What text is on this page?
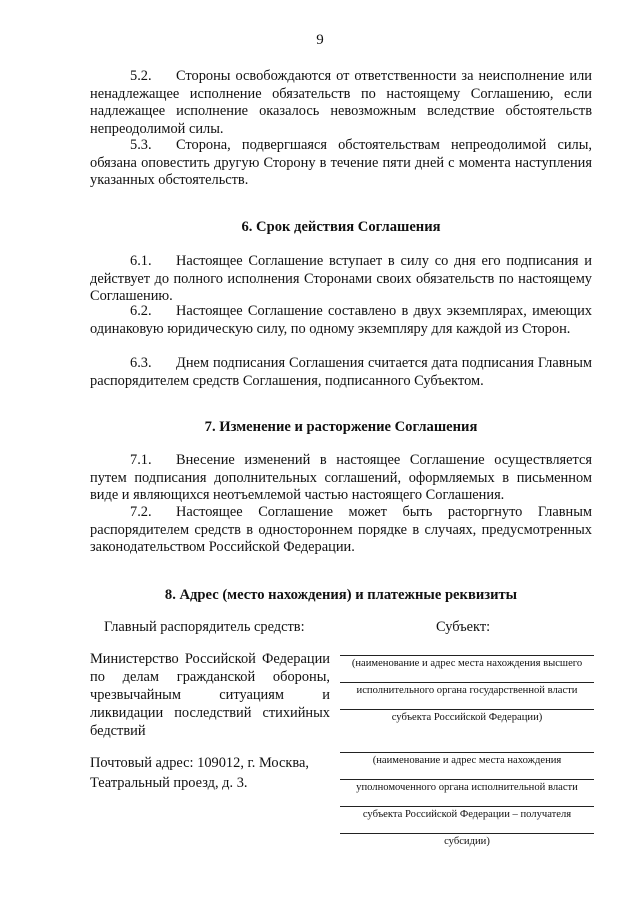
9

5.2. Стороны освобождаются от ответственности за неисполнение или ненадлежащее исполнение обязательств по настоящему Соглашению, если надлежащее исполнение оказалось невозможным вследствие обстоятельств непреодолимой силы.

5.3. Сторона, подвергшаяся обстоятельствам непреодолимой силы, обязана оповестить другую Сторону в течение пяти дней с момента наступления указанных обстоятельств.

6. Срок действия Соглашения

6.1. Настоящее Соглашение вступает в силу со дня его подписания и действует до полного исполнения Сторонами своих обязательств по настоящему Соглашению.

6.2. Настоящее Соглашение составлено в двух экземплярах, имеющих одинаковую юридическую силу, по одному экземпляру для каждой из Сторон.

6.3. Днем подписания Соглашения считается дата подписания Главным распорядителем средств Соглашения, подписанного Субъектом.

7. Изменение и расторжение Соглашения

7.1. Внесение изменений в настоящее Соглашение осуществляется путем подписания дополнительных соглашений, оформляемых в письменном виде и являющихся неотъемлемой частью настоящего Соглашения.

7.2. Настоящее Соглашение может быть расторгнуто Главным распорядителем средств в одностороннем порядке в случаях, предусмотренных законодательством Российской Федерации.

8. Адрес (место нахождения) и платежные реквизиты
Главный распорядитель средств:	Субъект:

Министерство Российской Федерации по делам гражданской обороны, чрезвычайным ситуациям и ликвидации последствий стихийных бедствий

Почтовый адрес: 109012, г. Москва, Театральный проезд, д. 3.

(наименование и адрес места нахождения высшего
исполнительного органа государственной власти
субъекта Российской Федерации)
(наименование и адрес места нахождения
уполномоченного органа исполнительной власти
субъекта Российской Федерации – получателя
субсидии)
